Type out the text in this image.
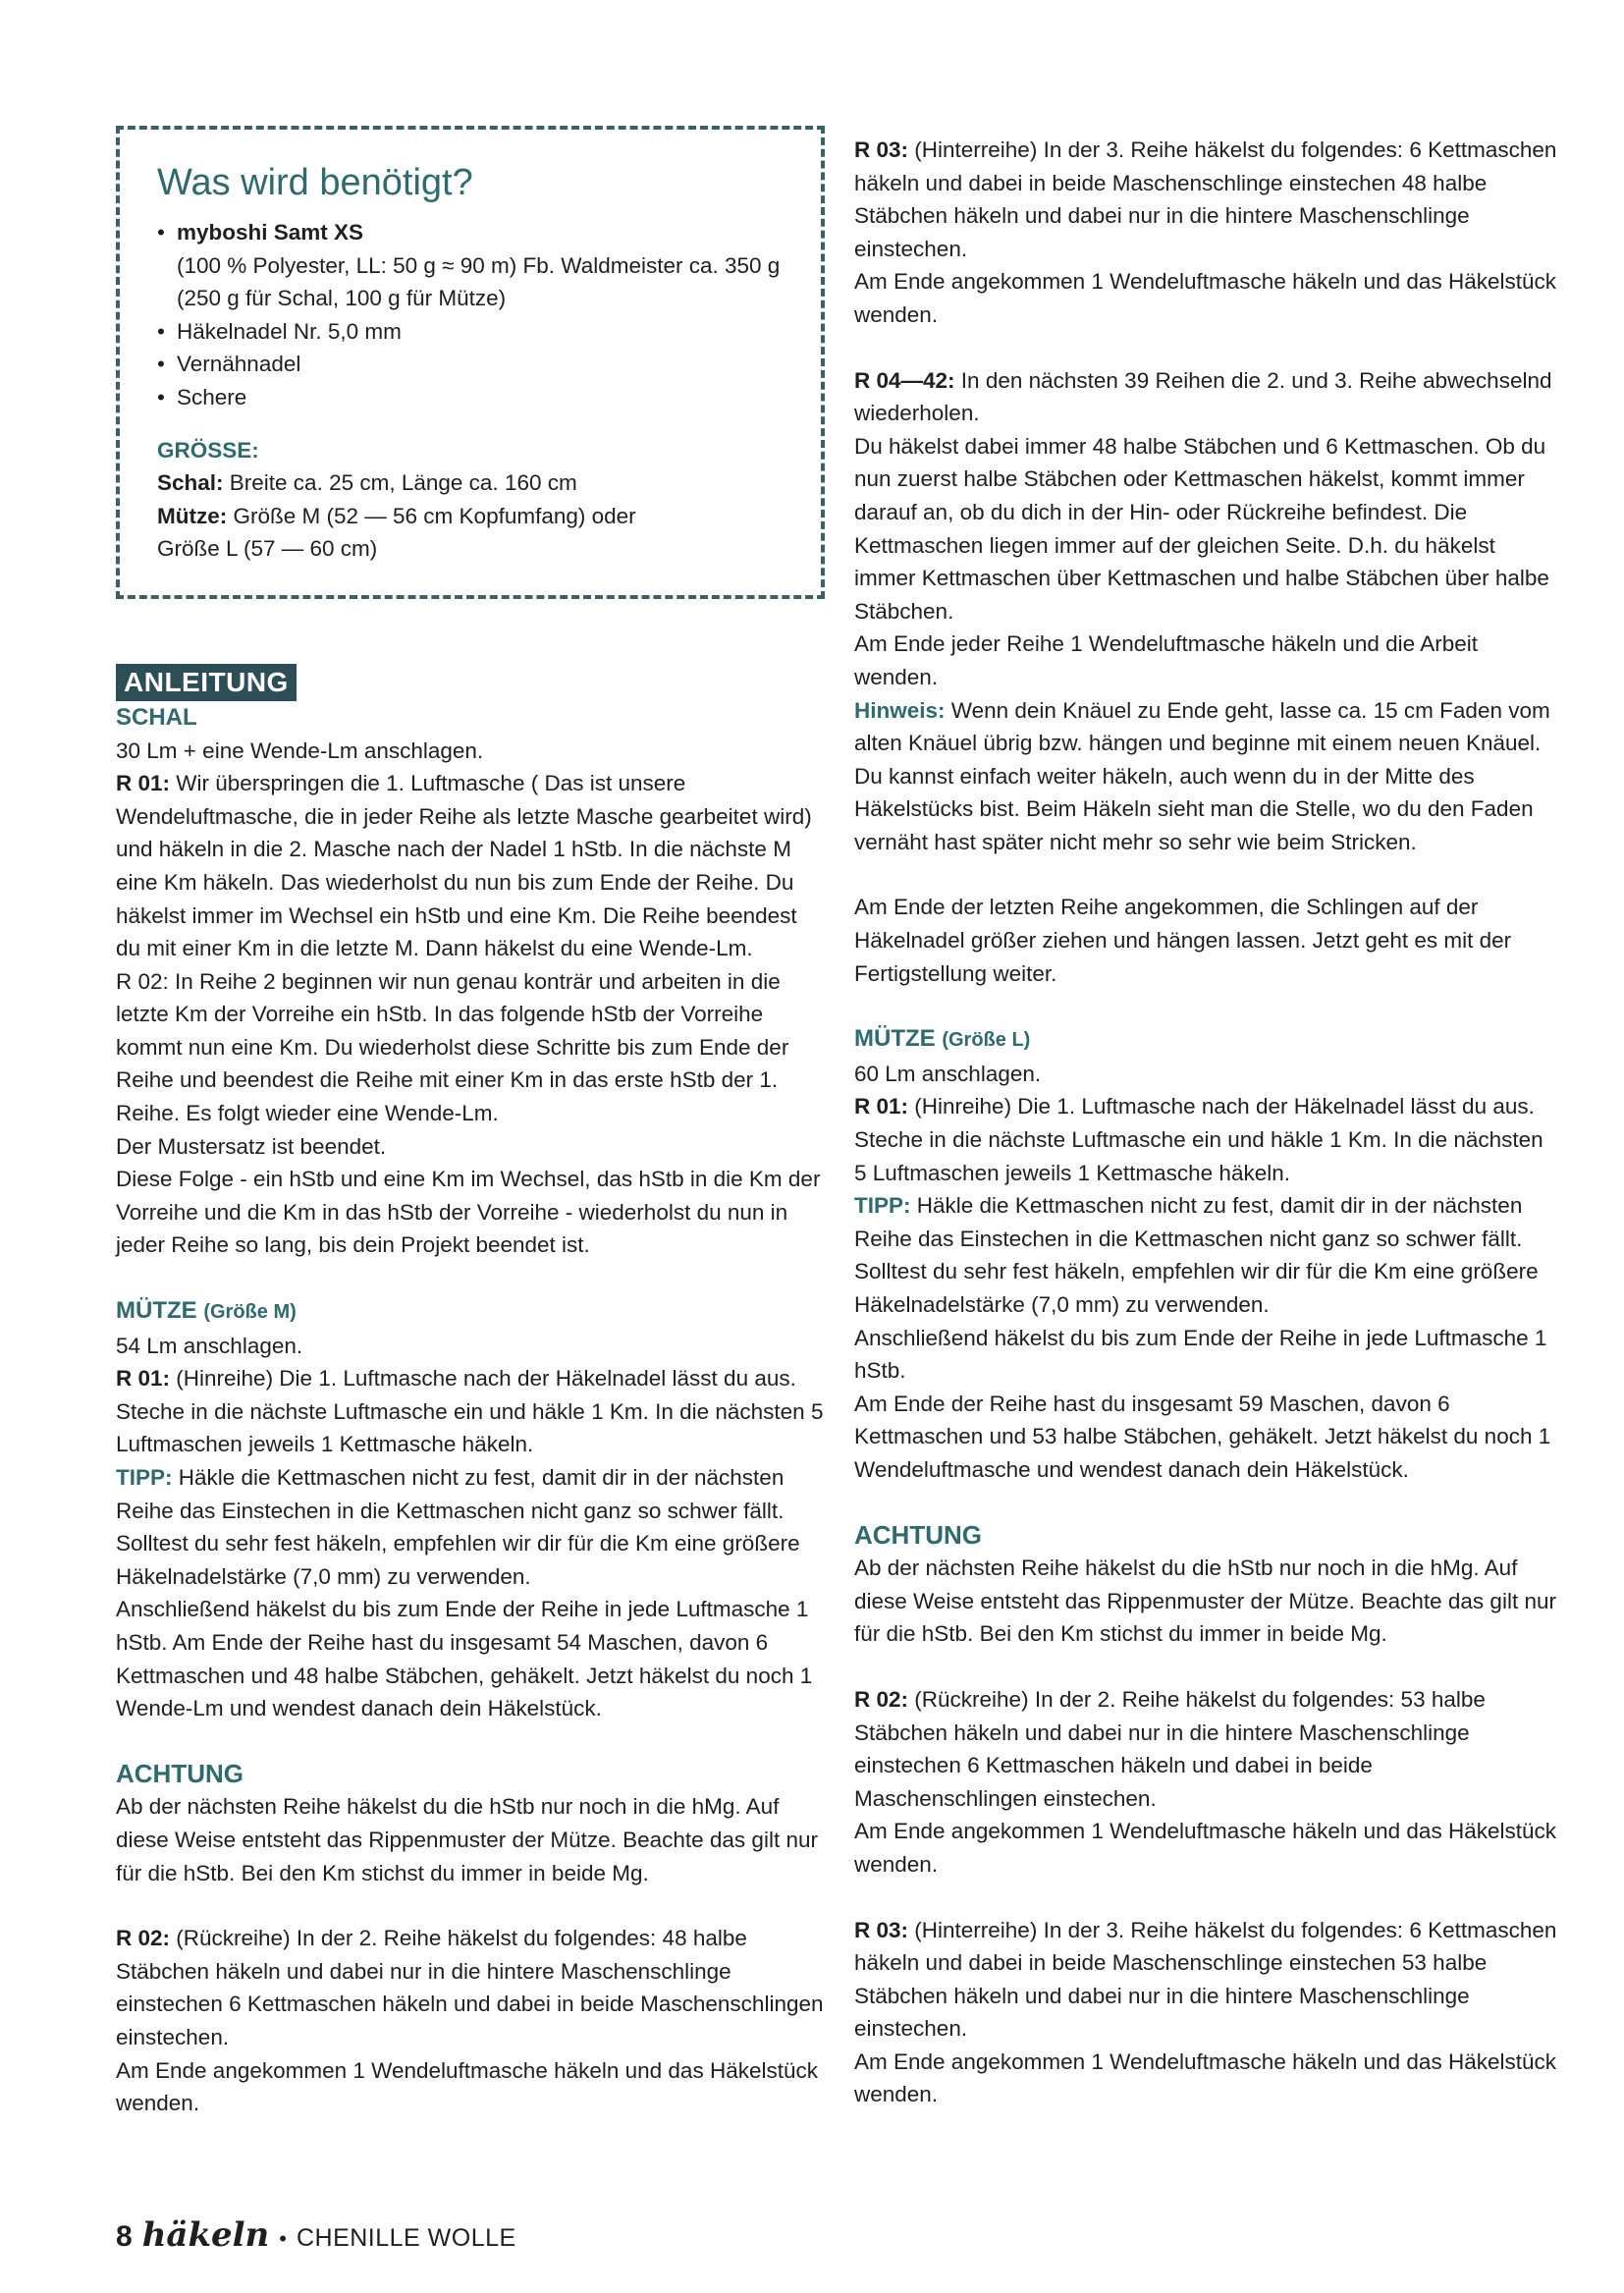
Was wird benötigt?
• myboshi Samt XS

(100 % Polyester, LL: 50 g ≈ 90 m) Fb. Waldmeister ca. 350 g

(250 g für Schal, 100 g für Mütze)

• Häkelnadel Nr. 5,0 mm
• Vernähnadel
• Schere

GRÖSSE:

Schal: Breite ca. 25 cm, Länge ca. 160 cm

Mütze: Größe M (52 — 56 cm Kopfumfang) oder

Größe L (57 — 60 cm)

ANLEITUNG

SCHAL

30 Lm + eine Wende-Lm anschlagen.

R 01: Wir überspringen die 1. Luftmasche ( Das ist unsere Wendeluftmasche, die in jeder Reihe als letzte Masche gearbeitet wird) und häkeln in die 2. Masche nach der Nadel 1 hStb. In die nächste M eine Km häkeln. Das wiederholst du nun bis zum Ende der Reihe. Du häkelst immer im Wechsel ein hStb und eine Km. Die Reihe beendest du mit einer Km in die letzte M. Dann häkelst du eine Wende-Lm.

R 02: In Reihe 2 beginnen wir nun genau konträr und arbeiten in die letzte Km der Vorreihe ein hStb. In das folgende hStb der Vorreihe kommt nun eine Km. Du wiederholst diese Schritte bis zum Ende der Reihe und beendest die Reihe mit einer Km in das erste hStb der 1. Reihe. Es folgt wieder eine Wende-Lm.

Der Mustersatz ist beendet.

Diese Folge - ein hStb und eine Km im Wechsel, das hStb in die Km der Vorreihe und die Km in das hStb der Vorreihe - wiederholst du nun in jeder Reihe so lang, bis dein Projekt beendet ist.

MÜTZE (Größe M)

54 Lm anschlagen.

R 01: (Hinreihe) Die 1. Luftmasche nach der Häkelnadel lässt du aus. Steche in die nächste Luftmasche ein und häkle 1 Km. In die nächsten 5 Luftmaschen jeweils 1 Kettmasche häkeln.

TIPP: Häkle die Kettmaschen nicht zu fest, damit dir in der nächsten Reihe das Einstechen in die Kettmaschen nicht ganz so schwer fällt. Solltest du sehr fest häkeln, empfehlen wir dir für die Km eine größere Häkelnadelstärke (7,0 mm) zu verwenden.

Anschließend häkelst du bis zum Ende der Reihe in jede Luftmasche 1 hStb. Am Ende der Reihe hast du insgesamt 54 Maschen, davon 6 Kettmaschen und 48 halbe Stäbchen, gehäkelt. Jetzt häkelst du noch 1 Wende-Lm und wendest danach dein Häkelstück.

ACHTUNG

Ab der nächsten Reihe häkelst du die hStb nur noch in die hMg. Auf diese Weise entsteht das Rippenmuster der Mütze. Beachte das gilt nur für die hStb. Bei den Km stichst du immer in beide Mg.

R 02: (Rückreihe) In der 2. Reihe häkelst du folgendes: 48 halbe Stäbchen häkeln und dabei nur in die hintere Maschenschlinge einstechen 6 Kettmaschen häkeln und dabei in beide Maschenschlingen einstechen.

Am Ende angekommen 1 Wendeluftmasche häkeln und das Häkelstück wenden.

R 03: (Hinterreihe) In der 3. Reihe häkelst du folgendes: 6 Kettmaschen häkeln und dabei in beide Maschenschlinge einstechen 48 halbe Stäbchen häkeln und dabei nur in die hintere Maschenschlinge einstechen.

Am Ende angekommen 1 Wendeluftmasche häkeln und das Häkelstück wenden.

R 04—42: In den nächsten 39 Reihen die 2. und 3. Reihe abwechselnd wiederholen.

Du häkelst dabei immer 48 halbe Stäbchen und 6 Kettmaschen. Ob du nun zuerst halbe Stäbchen oder Kettmaschen häkelst, kommt immer darauf an, ob du dich in der Hin- oder Rückreihe befindest. Die Kettmaschen liegen immer auf der gleichen Seite. D.h. du häkelst immer Kettmaschen über Kettmaschen und halbe Stäbchen über halbe Stäbchen.

Am Ende jeder Reihe 1 Wendeluftmasche häkeln und die Arbeit wenden.

Hinweis: Wenn dein Knäuel zu Ende geht, lasse ca. 15 cm Faden vom alten Knäuel übrig bzw. hängen und beginne mit einem neuen Knäuel. Du kannst einfach weiter häkeln, auch wenn du in der Mitte des Häkelstücks bist. Beim Häkeln sieht man die Stelle, wo du den Faden vernäht hast später nicht mehr so sehr wie beim Stricken.

Am Ende der letzten Reihe angekommen, die Schlingen auf der Häkelnadel größer ziehen und hängen lassen. Jetzt geht es mit der Fertigstellung weiter.

MÜTZE (Größe L)

60 Lm anschlagen.

R 01: (Hinreihe) Die 1. Luftmasche nach der Häkelnadel lässt du aus. Steche in die nächste Luftmasche ein und häkle 1 Km. In die nächsten 5 Luftmaschen jeweils 1 Kettmasche häkeln.

TIPP: Häkle die Kettmaschen nicht zu fest, damit dir in der nächsten Reihe das Einstechen in die Kettmaschen nicht ganz so schwer fällt. Solltest du sehr fest häkeln, empfehlen wir dir für die Km eine größere Häkelnadelstärke (7,0 mm) zu verwenden.

Anschließend häkelst du bis zum Ende der Reihe in jede Luftmasche 1 hStb.

Am Ende der Reihe hast du insgesamt 59 Maschen, davon 6 Kettmaschen und 53 halbe Stäbchen, gehäkelt. Jetzt häkelst du noch 1 Wendeluftmasche und wendest danach dein Häkelstück.

ACHTUNG

Ab der nächsten Reihe häkelst du die hStb nur noch in die hMg. Auf diese Weise entsteht das Rippenmuster der Mütze. Beachte das gilt nur für die hStb. Bei den Km stichst du immer in beide Mg.

R 02: (Rückreihe) In der 2. Reihe häkelst du folgendes: 53 halbe Stäbchen häkeln und dabei nur in die hintere Maschenschlinge einstechen 6 Kettmaschen häkeln und dabei in beide Maschenschlingen einstechen.

Am Ende angekommen 1 Wendeluftmasche häkeln und das Häkelstück wenden.

R 03: (Hinterreihe) In der 3. Reihe häkelst du folgendes: 6 Kettmaschen häkeln und dabei in beide Maschenschlinge einstechen 53 halbe Stäbchen häkeln und dabei nur in die hintere Maschenschlinge einstechen.

Am Ende angekommen 1 Wendeluftmasche häkeln und das Häkelstück wenden.

8 häkeln • CHENILLE WOLLE
